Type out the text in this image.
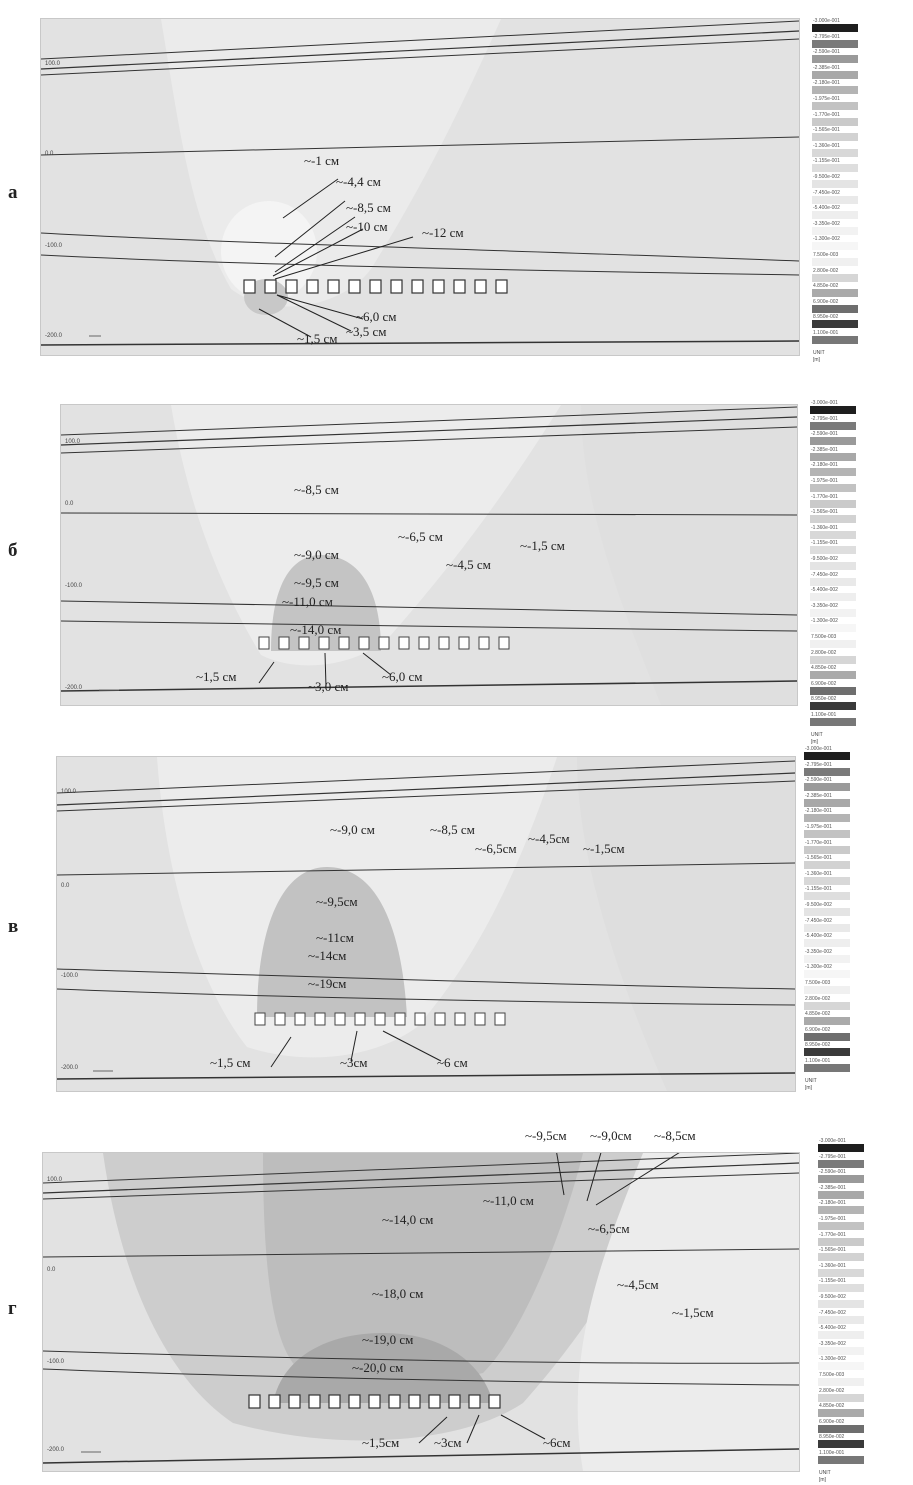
а
100.0
0.0
-100.0
-200.0
~-1 см
~-4,4 см
~-8,5 см
~-10 см	~-12 см
~6,0 см
~3,5 см
~1,5 см
-3.000e-001
-2.795e-001
-2.590e-001
-2.385e-001
-2.180e-001
-1.975e-001
-1.770e-001
-1.565e-001
-1.360e-001
-1.155e-001
-9.500e-002
-7.450e-002
-5.400e-002
-3.350e-002
-1.300e-002
7.500e-003
2.800e-002
4.850e-002
6.900e-002
8.950e-002
1.100e-001
UNIT
[m]
б
100.0
0.0
-100.0
-200.0
~-8,5 см
~-6,5 см
~-1,5 см
~-9,0 см
~-4,5 см
~-9,5 см
~-11,0 см
~-14,0 см
~1,5 см	~6,0 см
~3,0 см
-3.000e-001
-2.795e-001
-2.590e-001
-2.385e-001
-2.180e-001
-1.975e-001
-1.770e-001
-1.565e-001
-1.360e-001
-1.155e-001
-9.500e-002
-7.450e-002
-5.400e-002
-3.350e-002
-1.300e-002
7.500e-003
2.800e-002
4.850e-002
6.900e-002
8.950e-002
1.100e-001
UNIT
[m]
в
100.0
0.0
-100.0
-200.0
~-9,0 см	~-8,5 см
~-4,5см
~-6,5см	~-1,5см
~-9,5см
~-11см
~-14см
~-19см
~1,5 см	~3см	~6 см
-3.000e-001
-2.795e-001
-2.590e-001
-2.385e-001
-2.180e-001
-1.975e-001
-1.770e-001
-1.565e-001
-1.360e-001
-1.155e-001
-9.500e-002
-7.450e-002
-5.400e-002
-3.350e-002
-1.300e-002
7.500e-003
2.800e-002
4.850e-002
6.900e-002
8.950e-002
1.100e-001
UNIT
[m]
г
100.0
0.0
-100.0
-200.0
~-9,5см ~-9,0см ~-8,5см
~-11,0 см
~-14,0 см
~-6,5см
~-18,0 см
~-4,5см
~-1,5см
~-19,0 см
~-20,0 см
~1,5см	~3см	~6см
-3.000e-001
-2.795e-001
-2.590e-001
-2.385e-001
-2.180e-001
-1.975e-001
-1.770e-001
-1.565e-001
-1.360e-001
-1.155e-001
-9.500e-002
-7.450e-002
-5.400e-002
-3.350e-002
-1.300e-002
7.500e-003
2.800e-002
4.850e-002
6.900e-002
8.950e-002
1.100e-001
UNIT
[m]
